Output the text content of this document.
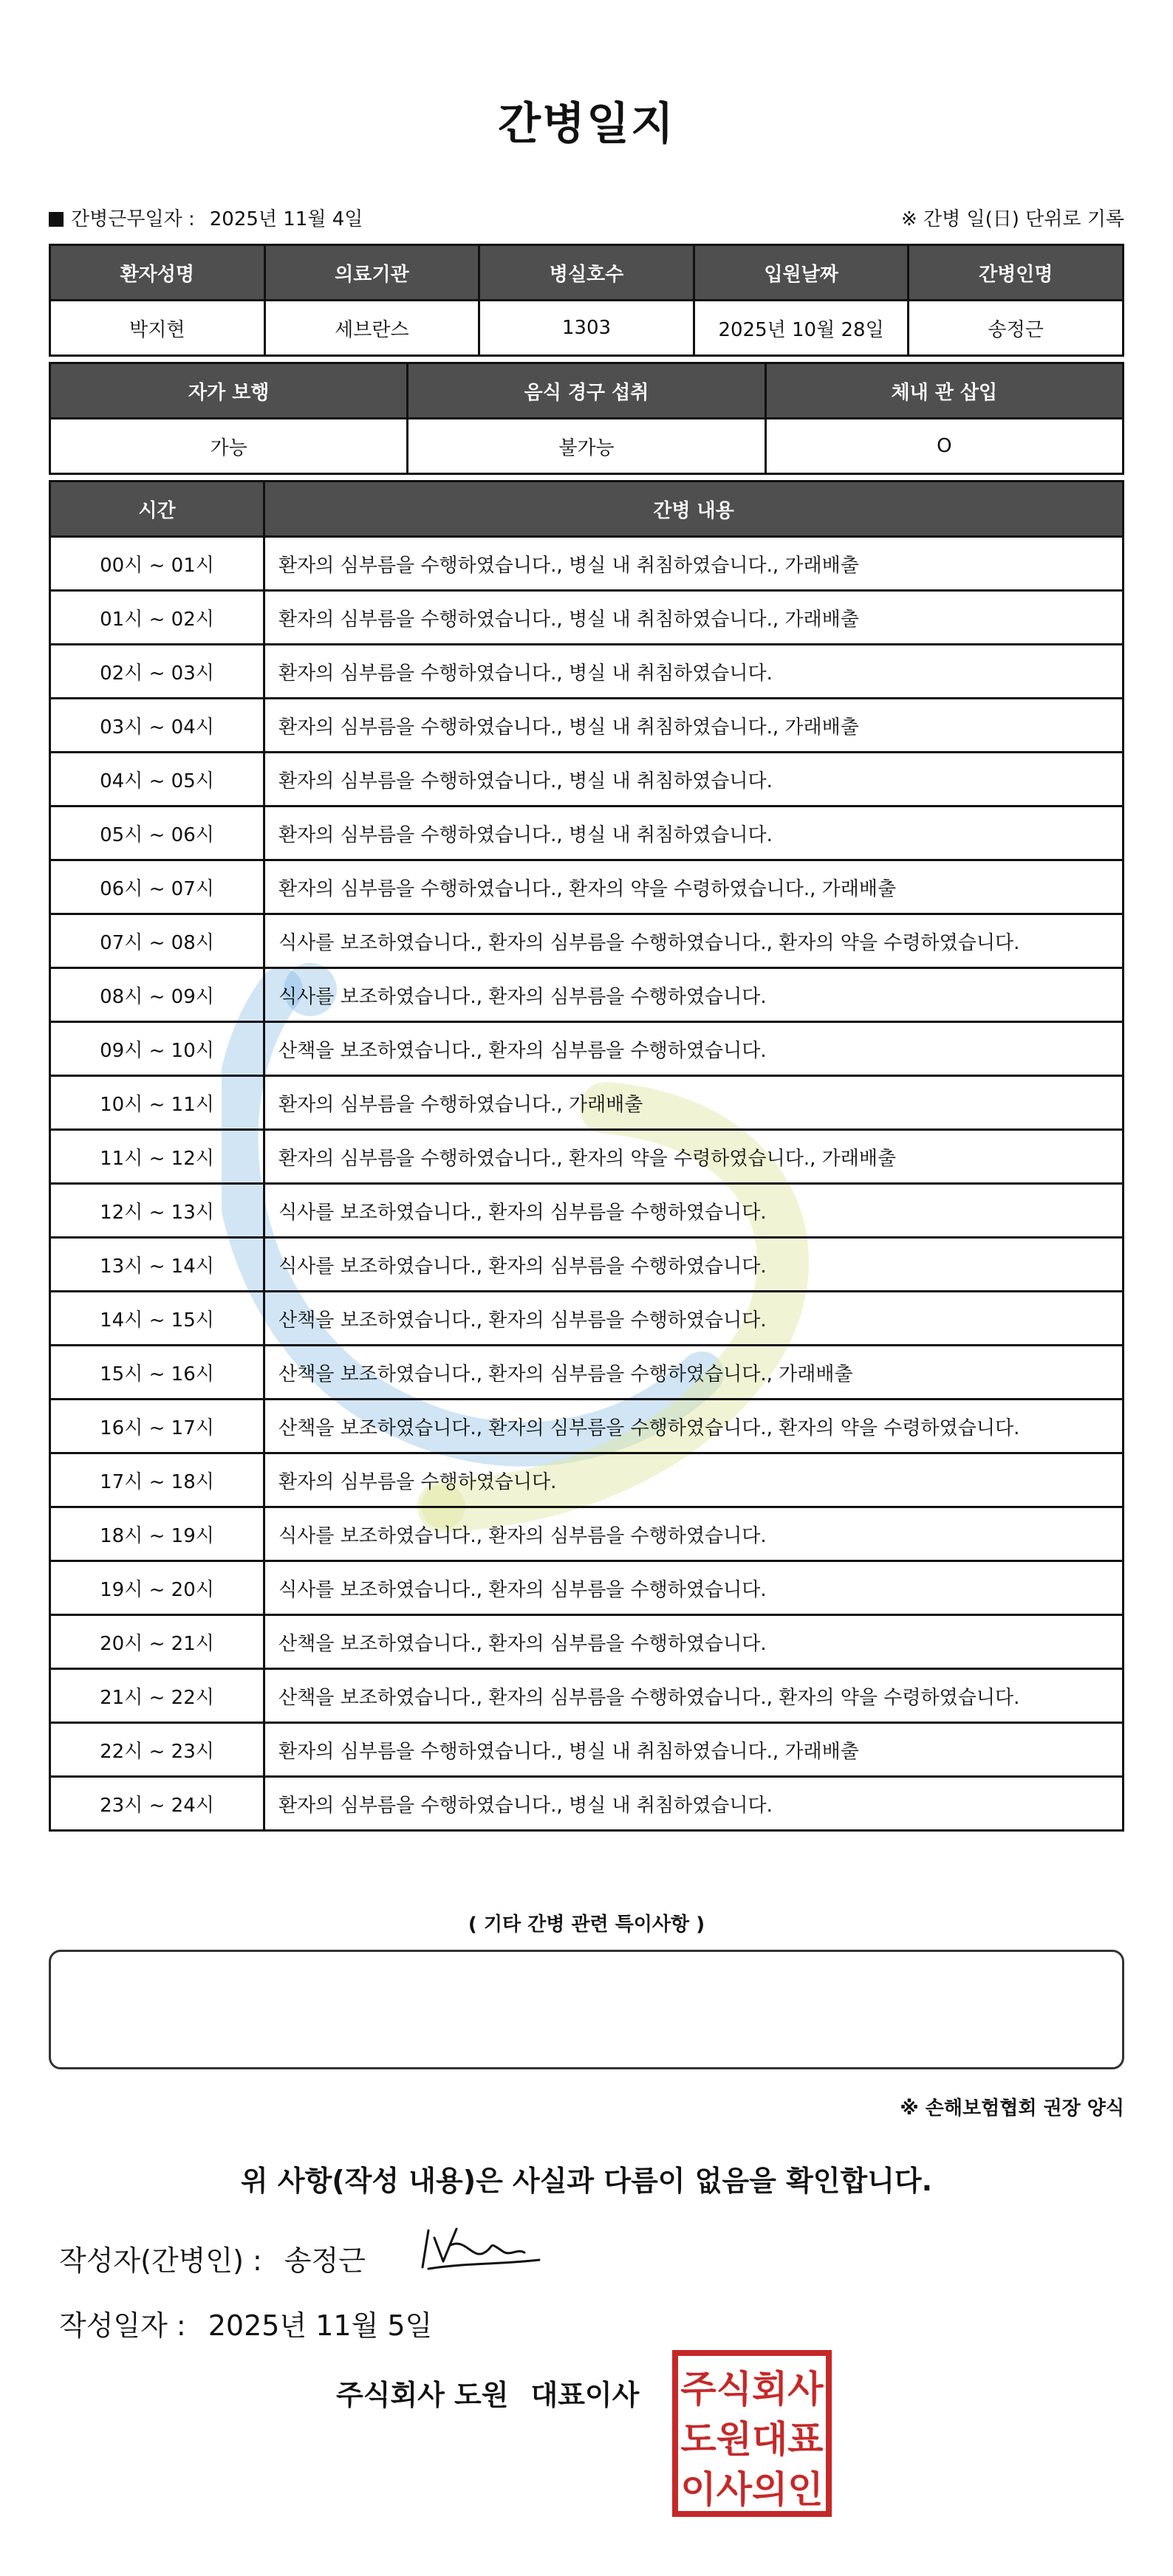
간병일지
간병근무일자 : 2025년 11월 4일	※ 간병 일(日) 단위로 기록
환자성명	의료기관	병실호수	입원날짜	간병인명
박지현	세브란스	1303	2025년 10월 28일	송정근
자가 보행	음식 경구 섭취	체내 관 삽입
가능	불가능	O
시간	간병 내용
00시 ~ 01시	환자의 심부름을 수행하였습니다., 병실 내 취침하였습니다., 가래배출
01시 ~ 02시	환자의 심부름을 수행하였습니다., 병실 내 취침하였습니다., 가래배출
02시 ~ 03시	환자의 심부름을 수행하였습니다., 병실 내 취침하였습니다.
03시 ~ 04시	환자의 심부름을 수행하였습니다., 병실 내 취침하였습니다., 가래배출
04시 ~ 05시	환자의 심부름을 수행하였습니다., 병실 내 취침하였습니다.
05시 ~ 06시	환자의 심부름을 수행하였습니다., 병실 내 취침하였습니다.
06시 ~ 07시	환자의 심부름을 수행하였습니다., 환자의 약을 수령하였습니다., 가래배출
07시 ~ 08시	식사를 보조하였습니다., 환자의 심부름을 수행하였습니다., 환자의 약을 수령하였습니다.
08시 ~ 09시	식사를 보조하였습니다., 환자의 심부름을 수행하였습니다.
09시 ~ 10시	산책을 보조하였습니다., 환자의 심부름을 수행하였습니다.
10시 ~ 11시	환자의 심부름을 수행하였습니다., 가래배출
11시 ~ 12시	환자의 심부름을 수행하였습니다., 환자의 약을 수령하였습니다., 가래배출
12시 ~ 13시	식사를 보조하였습니다., 환자의 심부름을 수행하였습니다.
13시 ~ 14시	식사를 보조하였습니다., 환자의 심부름을 수행하였습니다.
14시 ~ 15시	산책을 보조하였습니다., 환자의 심부름을 수행하였습니다.
15시 ~ 16시	산책을 보조하였습니다., 환자의 심부름을 수행하였습니다., 가래배출
16시 ~ 17시	산책을 보조하였습니다., 환자의 심부름을 수행하였습니다., 환자의 약을 수령하였습니다.
17시 ~ 18시	환자의 심부름을 수행하였습니다.
18시 ~ 19시	식사를 보조하였습니다., 환자의 심부름을 수행하였습니다.
19시 ~ 20시	식사를 보조하였습니다., 환자의 심부름을 수행하였습니다.
20시 ~ 21시	산책을 보조하였습니다., 환자의 심부름을 수행하였습니다.
21시 ~ 22시	산책을 보조하였습니다., 환자의 심부름을 수행하였습니다., 환자의 약을 수령하였습니다.
22시 ~ 23시	환자의 심부름을 수행하였습니다., 병실 내 취침하였습니다., 가래배출
23시 ~ 24시	환자의 심부름을 수행하였습니다., 병실 내 취침하였습니다.
( 기타 간병 관련 특이사항 )
※ 손해보험협회 권장 양식
위 사항(작성 내용)은 사실과 다름이 없음을 확인합니다.
작성자(간병인) : 송정근
작성일자 : 2025년 11월 5일
주식회사 도원 대표이사 주식회사
도원대표
이사의인
